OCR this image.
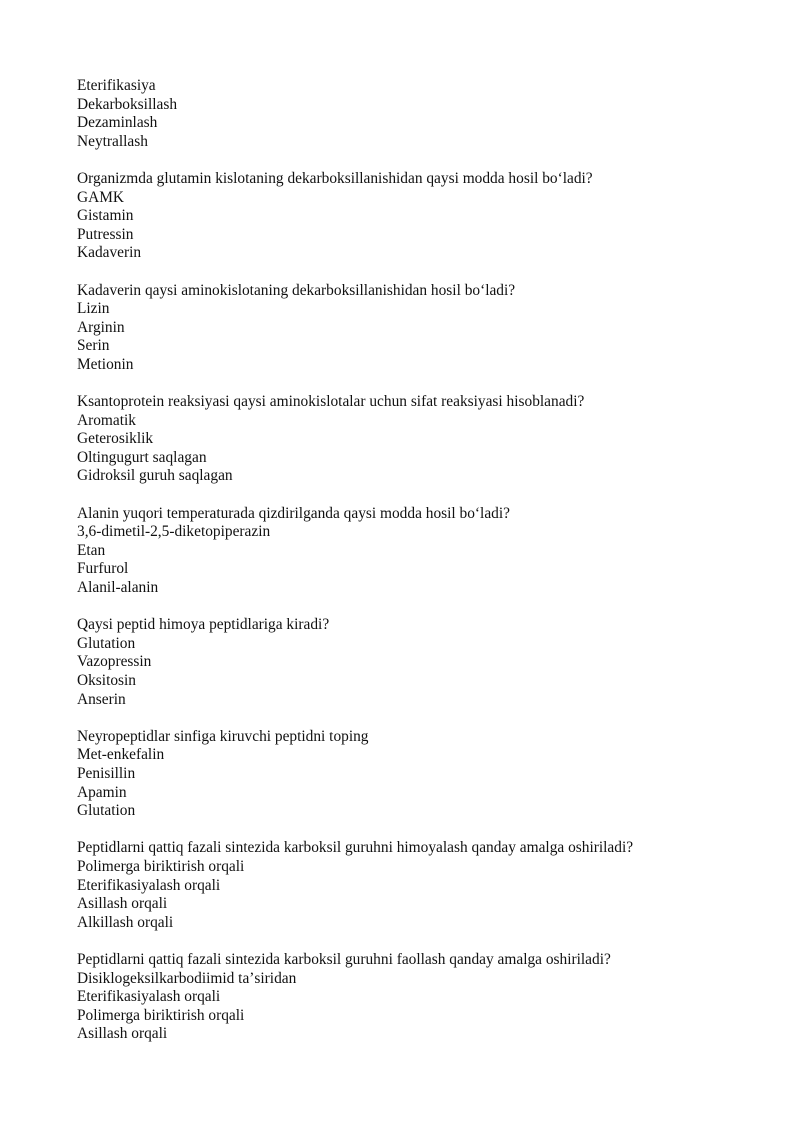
Eterifikasiya
Dekarboksillash
Dezaminlash
Neytrallash
Organizmda glutamin kislotaning dekarboksillanishidan qaysi modda hosil boʻladi?
GAMK
Gistamin
Putressin
Kadaverin
Kadaverin qaysi aminokislotaning dekarboksillanishidan hosil boʻladi?
Lizin
Arginin
Serin
Metionin
Ksantoprotein reaksiyasi qaysi aminokislotalar uchun sifat reaksiyasi hisoblanadi?
Aromatik
Geterosiklik
Oltingugurt saqlagan
Gidroksil guruh saqlagan
Alanin yuqori temperaturada qizdirilganda qaysi modda hosil boʻladi?
3,6-dimetil-2,5-diketopiperazin
Etan
Furfurol
Alanil-alanin
Qaysi peptid himoya peptidlariga kiradi?
Glutation
Vazopressin
Oksitosin
Anserin
Neyropeptidlar sinfiga kiruvchi peptidni toping
Met-enkefalin
Penisillin
Apamin
Glutation
Peptidlarni qattiq fazali sintezida karboksil guruhni himoyalash qanday amalga oshiriladi?
Polimerga biriktirish orqali
Eterifikasiyalash orqali
Asillash orqali
Alkillash orqali
Peptidlarni qattiq fazali sintezida karboksil guruhni faollash qanday amalga oshiriladi?
Disiklogeksilkarbodiimid taʼsiridan
Eterifikasiyalash orqali
Polimerga biriktirish orqali
Asillash orqali
